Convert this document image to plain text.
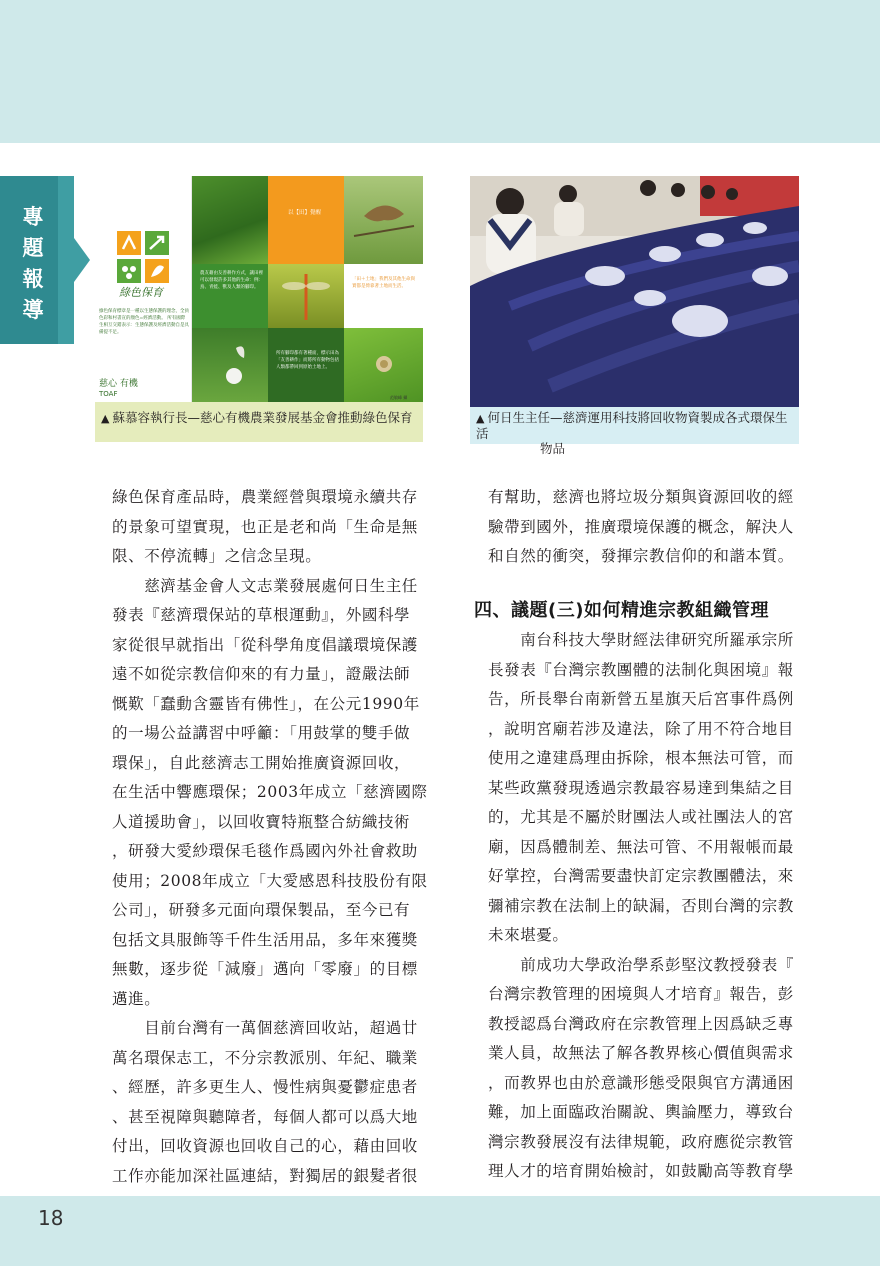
專題報導
綠色保育
綠色保育標章是一種以生態保護的理念，全員色彩和村書宣的顏色=經濟活動。 所有國際生相互交錯表示：生態保護及經濟活動自是具備提不足。
慈心 有機
TOAF
以【田】覺醒
農友藉由友善耕作方式，讓田裡可以發現許多其他的生命：例：鳥、青蛙、獸及人類的腳印。
「田＋土地」我們及其他生命與實都是倚靠著土地而生活。
所有腳印都有著種面，標示田為「友善耕作」而將所有動物包括人類都帶回到原始土地上。
范敏峰 攝
▲ 蘇慕容執行長—慈心有機農業發展基金會推動綠色保育	▲ 何日生主任—慈濟運用科技將回收物資製成各式環保生活
物品
綠色保育產品時，農業經營與環境永續共存
的景象可望實現，也正是老和尚「生命是無
限、不停流轉」之信念呈現。
　　慈濟基金會人文志業發展處何日生主任
發表『慈濟環保站的草根運動』，外國科學
家從很早就指出「從科學角度倡議環境保護
遠不如從宗教信仰來的有力量」，證嚴法師
慨歎「蠢動含靈皆有佛性」，在公元1990年
的一場公益講習中呼籲：「用鼓掌的雙手做
環保」，自此慈濟志工開始推廣資源回收，
在生活中響應環保；2003年成立「慈濟國際
人道援助會」，以回收寶特瓶整合紡織技術
，研發大愛紗環保毛毯作爲國內外社會救助
使用；2008年成立「大愛感恩科技股份有限
公司」，研發多元面向環保製品，至今已有
包括文具服飾等千件生活用品，多年來獲獎
無數，逐步從「減廢」邁向「零廢」的目標
邁進。
　　目前台灣有一萬個慈濟回收站，超過廿
萬名環保志工，不分宗教派別、年紀、職業
、經歷，許多更生人、慢性病與憂鬱症患者
、甚至視障與聽障者，每個人都可以爲大地
付出，回收資源也回收自己的心，藉由回收
工作亦能加深社區連結，對獨居的銀髮者很
有幫助，慈濟也將垃圾分類與資源回收的經
驗帶到國外，推廣環境保護的概念，解決人
和自然的衝突，發揮宗教信仰的和諧本質。
四、議題(三)如何精進宗教組織管理
　　南台科技大學財經法律研究所羅承宗所
長發表『台灣宗教團體的法制化與困境』報
告，所長舉台南新營五星旗天后宮事件爲例
，說明宮廟若涉及違法，除了用不符合地目
使用之違建爲理由拆除，根本無法可管，而
某些政黨發現透過宗教最容易達到集結之目
的，尤其是不屬於財團法人或社團法人的宮
廟，因爲體制差、無法可管、不用報帳而最
好掌控，台灣需要盡快訂定宗教團體法，來
彌補宗教在法制上的缺漏，否則台灣的宗教
未來堪憂。
　　前成功大學政治學系彭堅汶教授發表『
台灣宗教管理的困境與人才培育』報告，彭
教授認爲台灣政府在宗教管理上因爲缺乏專
業人員，故無法了解各教界核心價值與需求
，而教界也由於意識形態受限與官方溝通困
難，加上面臨政治關說、輿論壓力，導致台
灣宗教發展沒有法律規範，政府應從宗教管
理人才的培育開始檢討，如鼓勵高等教育學
18
